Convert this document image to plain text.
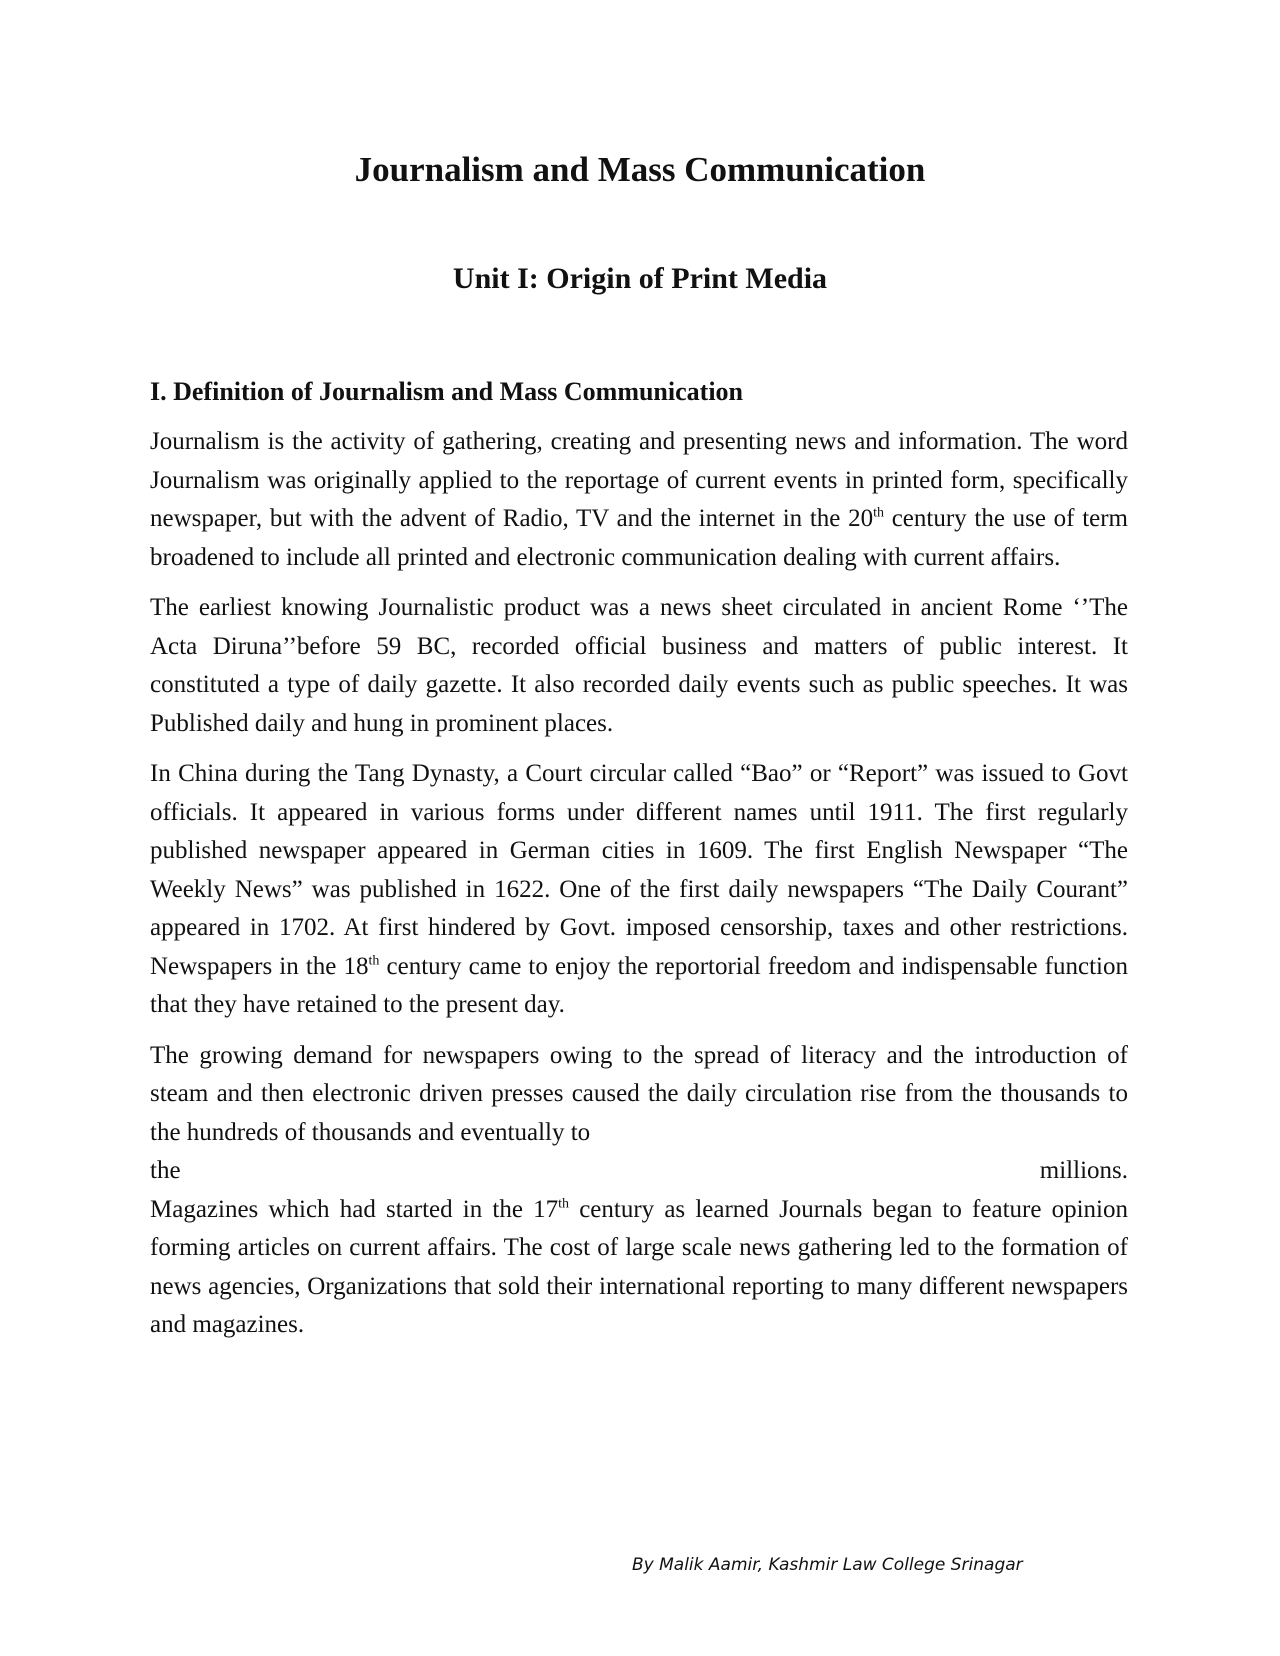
Journalism and Mass Communication
Unit I: Origin of Print Media
I. Definition of Journalism and Mass Communication

Journalism is the activity of gathering, creating and presenting news and information. The word Journalism was originally applied to the reportage of current events in printed form, specifically newspaper, but with the advent of Radio, TV and the internet in the 20th century the use of term broadened to include all printed and electronic communication dealing with current affairs.

The earliest knowing Journalistic product was a news sheet circulated in ancient Rome ‘’The Acta Diruna’’before 59 BC, recorded official business and matters of public interest. It constituted a type of daily gazette. It also recorded daily events such as public speeches. It was Published daily and hung in prominent places.

In China during the Tang Dynasty, a Court circular called “Bao” or “Report” was issued to Govt officials. It appeared in various forms under different names until 1911. The first regularly published newspaper appeared in German cities in 1609. The first English Newspaper “The Weekly News” was published in 1622. One of the first daily newspapers “The Daily Courant” appeared in 1702. At first hindered by Govt. imposed censorship, taxes and other restrictions. Newspapers in the 18th century came to enjoy the reportorial freedom and indispensable function that they have retained to the present day.

The growing demand for newspapers owing to the spread of literacy and the introduction of steam and then electronic driven presses caused the daily circulation rise from the thousands to the hundreds of thousands and eventually to
the millions.

Magazines which had started in the 17th century as learned Journals began to feature opinion forming articles on current affairs. The cost of large scale news gathering led to the formation of news agencies, Organizations that sold their international reporting to many different newspapers and magazines.

By Malik Aamir, Kashmir Law College Srinagar
